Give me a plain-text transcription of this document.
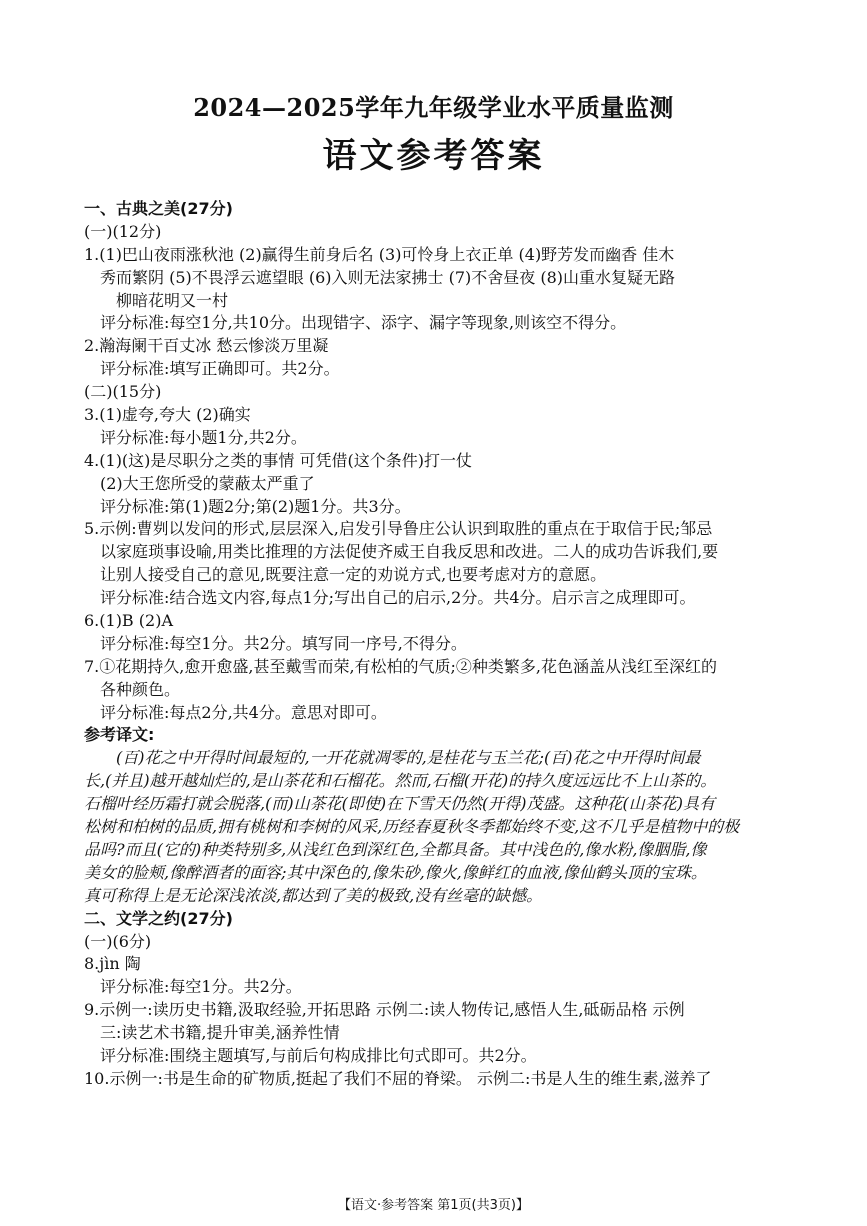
2024—2025学年九年级学业水平质量监测
语文参考答案
一、古典之美(27分)
(一)(12分)
1.(1)巴山夜雨涨秋池 (2)赢得生前身后名 (3)可怜身上衣正单 (4)野芳发而幽香 佳木
秀而繁阴 (5)不畏浮云遮望眼 (6)入则无法家拂士 (7)不舍昼夜 (8)山重水复疑无路
柳暗花明又一村
评分标准:每空1分,共10分。出现错字、添字、漏字等现象,则该空不得分。
2.瀚海阑干百丈冰 愁云惨淡万里凝
评分标准:填写正确即可。共2分。
(二)(15分)
3.(1)虚夸,夸大 (2)确实
评分标准:每小题1分,共2分。
4.(1)(这)是尽职分之类的事情 可凭借(这个条件)打一仗
(2)大王您所受的蒙蔽太严重了
评分标准:第(1)题2分;第(2)题1分。共3分。
5.示例:曹刿以发问的形式,层层深入,启发引导鲁庄公认识到取胜的重点在于取信于民;邹忌
以家庭琐事设喻,用类比推理的方法促使齐威王自我反思和改进。二人的成功告诉我们,要
让别人接受自己的意见,既要注意一定的劝说方式,也要考虑对方的意愿。
评分标准:结合选文内容,每点1分;写出自己的启示,2分。共4分。启示言之成理即可。
6.(1)B (2)A
评分标准:每空1分。共2分。填写同一序号,不得分。
7.①花期持久,愈开愈盛,甚至戴雪而荣,有松柏的气质;②种类繁多,花色涵盖从浅红至深红的
各种颜色。
评分标准:每点2分,共4分。意思对即可。
参考译文:
(百)花之中开得时间最短的,一开花就凋零的,是桂花与玉兰花;(百)花之中开得时间最
长,(并且)越开越灿烂的,是山茶花和石榴花。然而,石榴(开花)的持久度远远比不上山茶的。
石榴叶经历霜打就会脱落,(而)山茶花(即使)在下雪天仍然(开得)茂盛。这种花(山茶花)具有
松树和柏树的品质,拥有桃树和李树的风采,历经春夏秋冬季都始终不变,这不几乎是植物中的极
品吗?而且(它的)种类特别多,从浅红色到深红色,全都具备。其中浅色的,像水粉,像胭脂,像
美女的脸颊,像醉酒者的面容;其中深色的,像朱砂,像火,像鲜红的血液,像仙鹤头顶的宝珠。
真可称得上是无论深浅浓淡,都达到了美的极致,没有丝毫的缺憾。
二、文学之约(27分)
(一)(6分)
8.jìn 陶
评分标准:每空1分。共2分。
9.示例一:读历史书籍,汲取经验,开拓思路 示例二:读人物传记,感悟人生,砥砺品格 示例
三:读艺术书籍,提升审美,涵养性情
评分标准:围绕主题填写,与前后句构成排比句式即可。共2分。
10.示例一:书是生命的矿物质,挺起了我们不屈的脊梁。 示例二:书是人生的维生素,滋养了
【语文·参考答案 第1页(共3页)】
